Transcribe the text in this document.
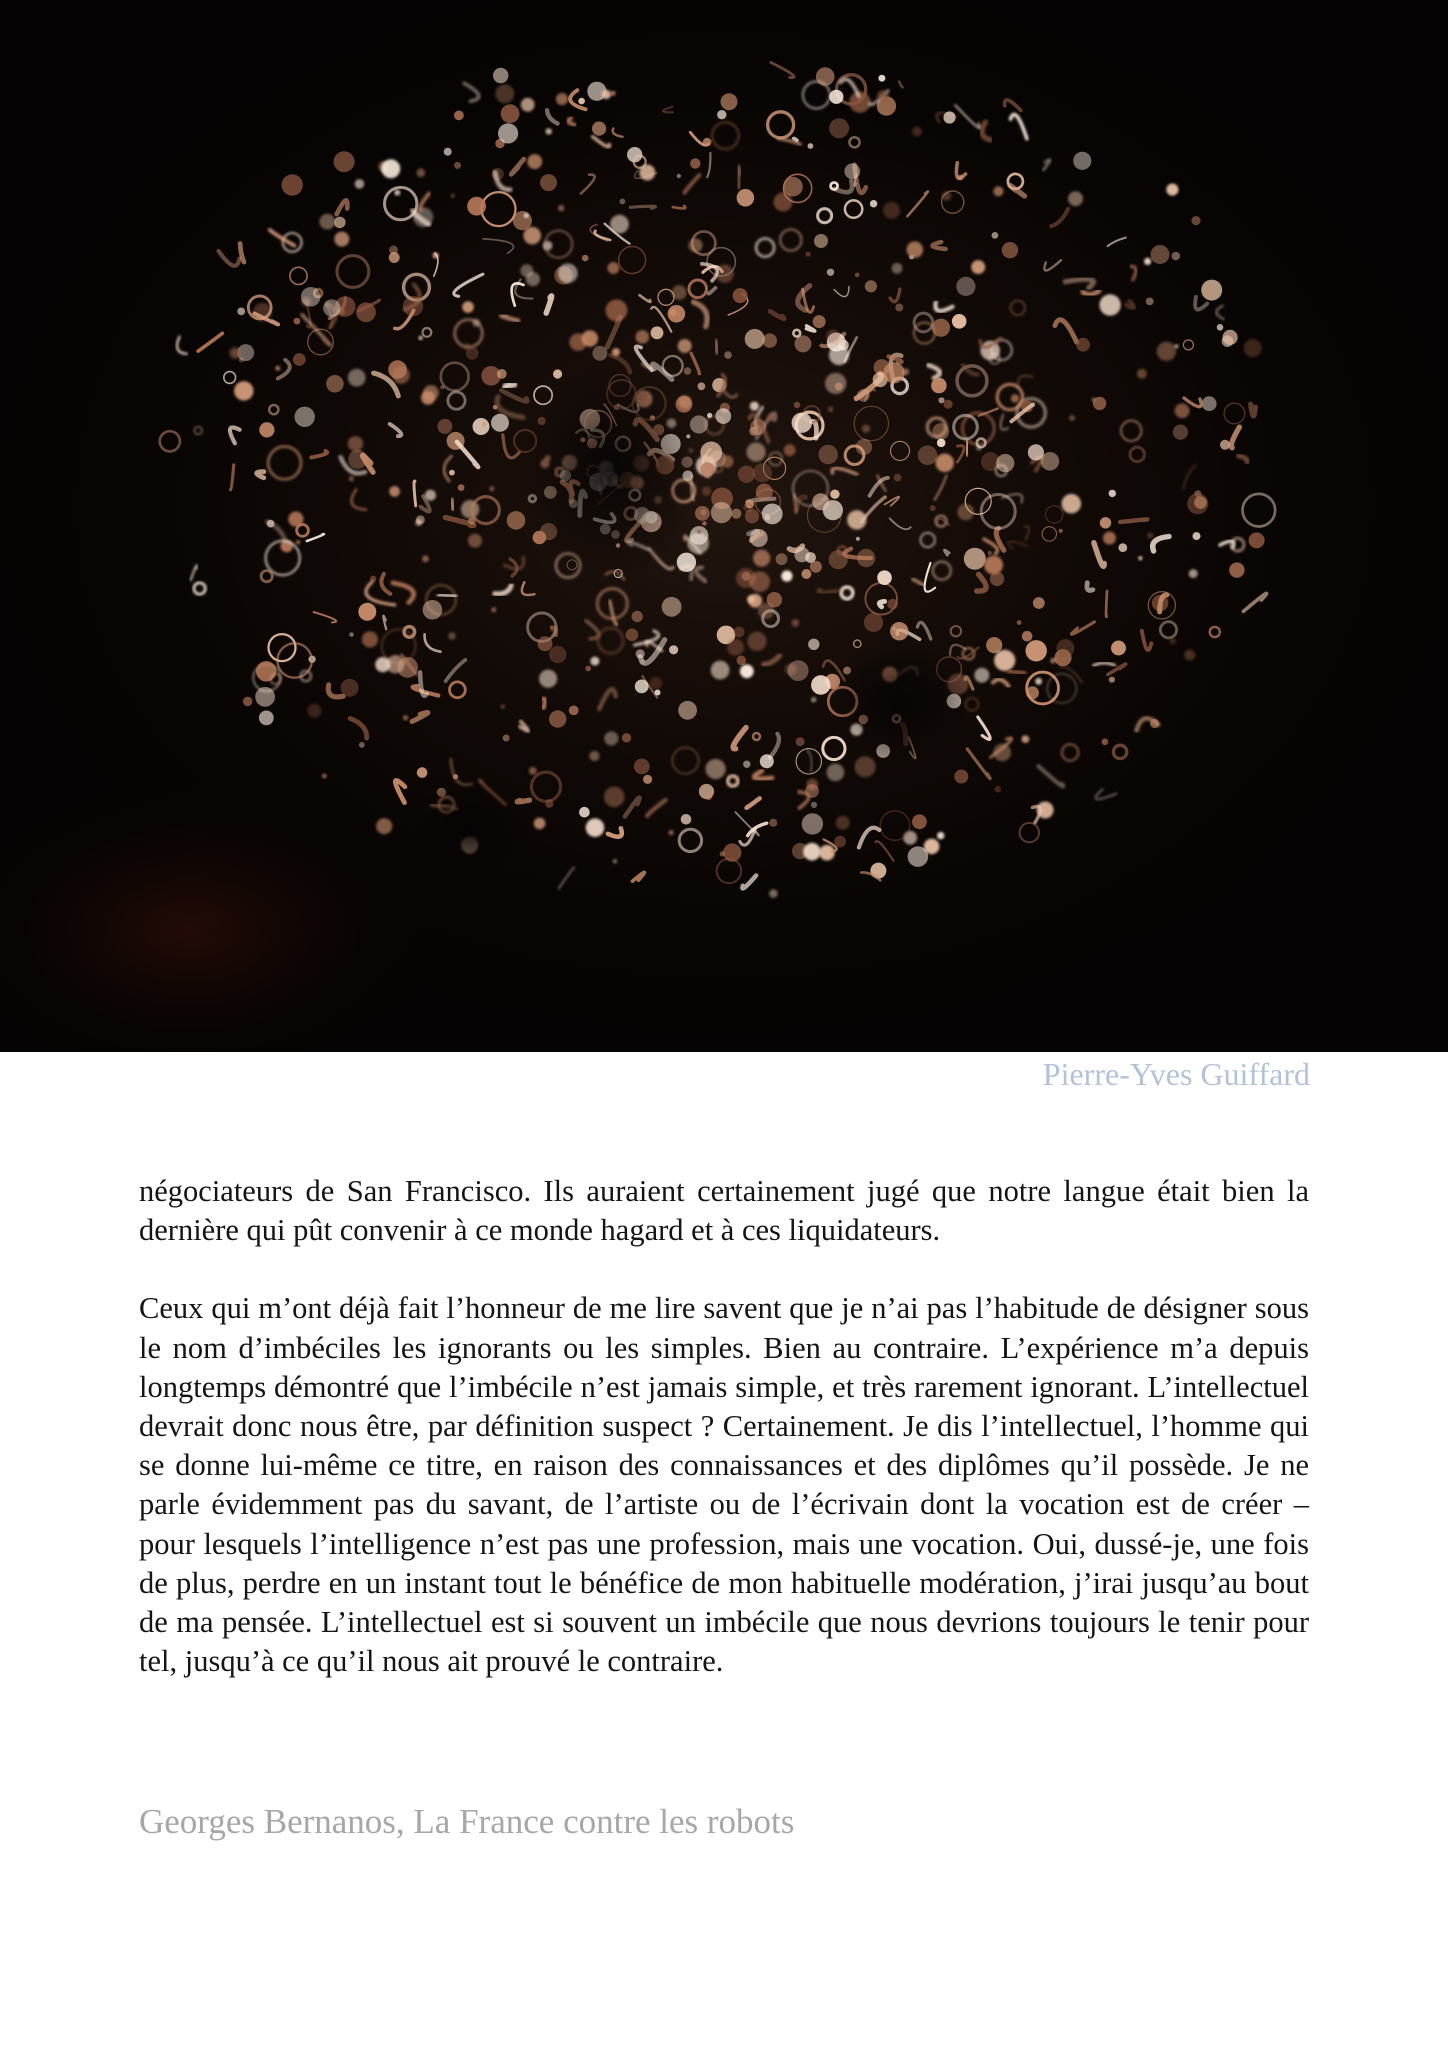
Pierre-Yves Guiffard

négociateurs de San Francisco. Ils auraient certainement jugé que notre langue était bien la dernière qui pût convenir à ce monde hagard et à ces liquidateurs.

Ceux qui m’ont déjà fait l’honneur de me lire savent que je n’ai pas l’habitude de désigner sous le nom d’imbéciles les ignorants ou les simples. Bien au contraire. L’expérience m’a depuis longtemps démontré que l’imbécile n’est jamais simple, et très rarement ignorant. L’intellectuel devrait donc nous être, par définition suspect ? Certainement. Je dis l’intellectuel, l’homme qui se donne lui-même ce titre, en raison des connaissances et des diplômes qu’il possède. Je ne parle évidemment pas du savant, de l’artiste ou de l’écrivain dont la vocation est de créer – pour lesquels l’intelligence n’est pas une profession, mais une vocation. Oui, dussé-je, une fois de plus, perdre en un instant tout le bénéfice de mon habituelle modération, j’irai jusqu’au bout de ma pensée. L’intellectuel est si souvent un imbécile que nous devrions toujours le tenir pour tel, jusqu’à ce qu’il nous ait prouvé le contraire.

Georges Bernanos, La France contre les robots
